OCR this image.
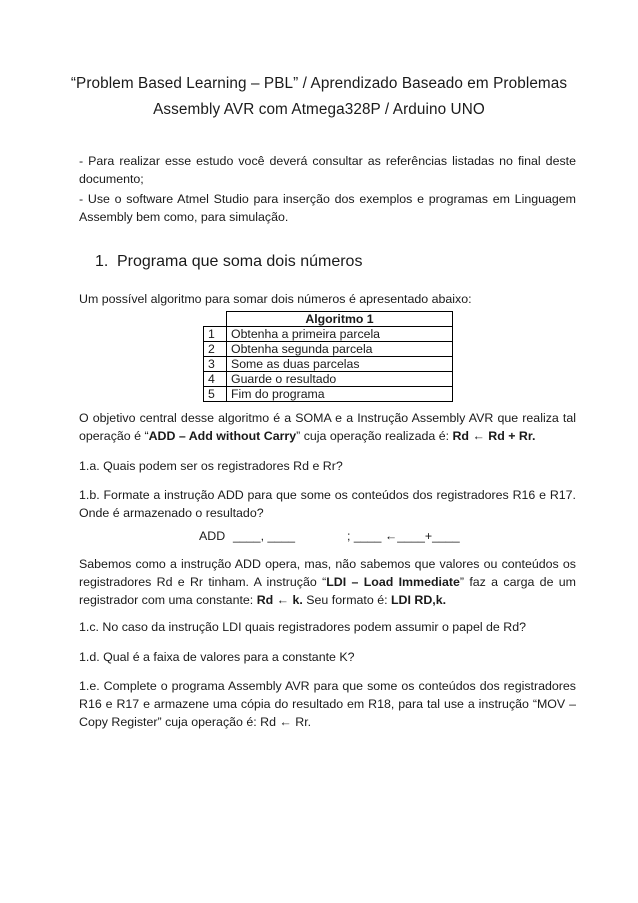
“Problem Based Learning – PBL” / Aprendizado Baseado em Problemas
Assembly AVR com Atmega328P / Arduino UNO
- Para realizar esse estudo você deverá consultar as referências listadas no final deste documento;
- Use o software Atmel Studio para inserção dos exemplos e programas em Linguagem Assembly bem como, para simulação.
1. Programa que soma dois números
Um possível algoritmo para somar dois números é apresentado abaixo:
	Algoritmo 1
1	Obtenha a primeira parcela
2	Obtenha segunda parcela
3	Some as duas parcelas
4	Guarde o resultado
5	Fim do programa
O objetivo central desse algoritmo é a SOMA e a Instrução Assembly AVR que realiza tal operação é “ADD – Add without Carry” cuja operação realizada é: Rd ← Rd + Rr.
1.a. Quais podem ser os registradores Rd e Rr?
1.b. Formate a instrução ADD para que some os conteúdos dos registradores R16 e R17. Onde é armazenado o resultado?
ADD ____, ____	; ____ ←____+____
Sabemos como a instrução ADD opera, mas, não sabemos que valores ou conteúdos os registradores Rd e Rr tinham. A instrução “LDI – Load Immediate” faz a carga de um registrador com uma constante: Rd ← k. Seu formato é: LDI RD,k.
1.c. No caso da instrução LDI quais registradores podem assumir o papel de Rd?
1.d. Qual é a faixa de valores para a constante K?
1.e. Complete o programa Assembly AVR para que some os conteúdos dos registradores R16 e R17 e armazene uma cópia do resultado em R18, para tal use a instrução “MOV – Copy Register” cuja operação é: Rd ← Rr.
